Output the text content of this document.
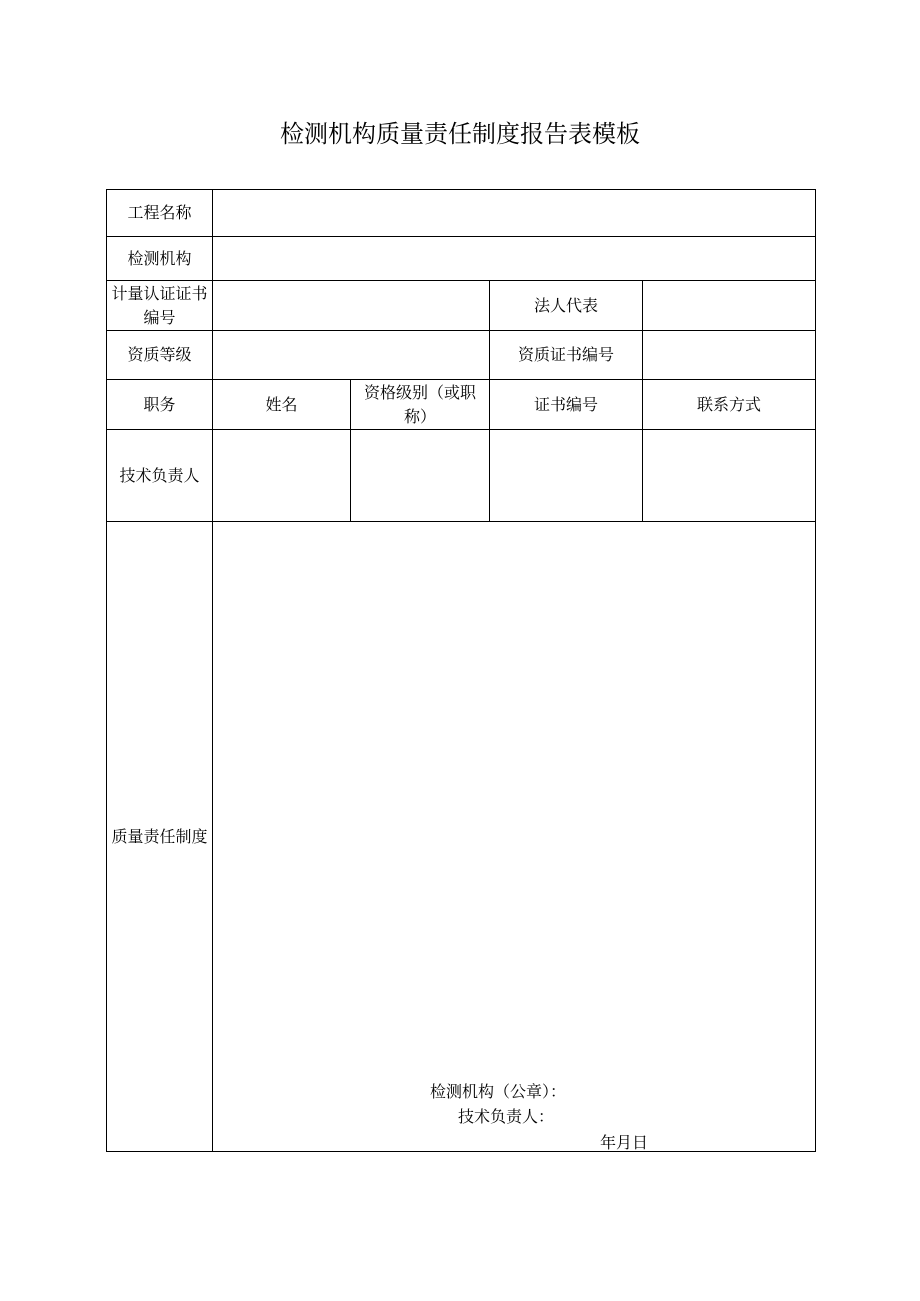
检测机构质量责任制度报告表模板
工程名称				
检测机构				
计量认证证书编号			法人代表	
资质等级			资质证书编号	
职务	姓名	资格级别（或职称）	证书编号	联系方式
技术负责人				
质量责任制度	检测机构（公章）：
技术负责人：
年月日			
